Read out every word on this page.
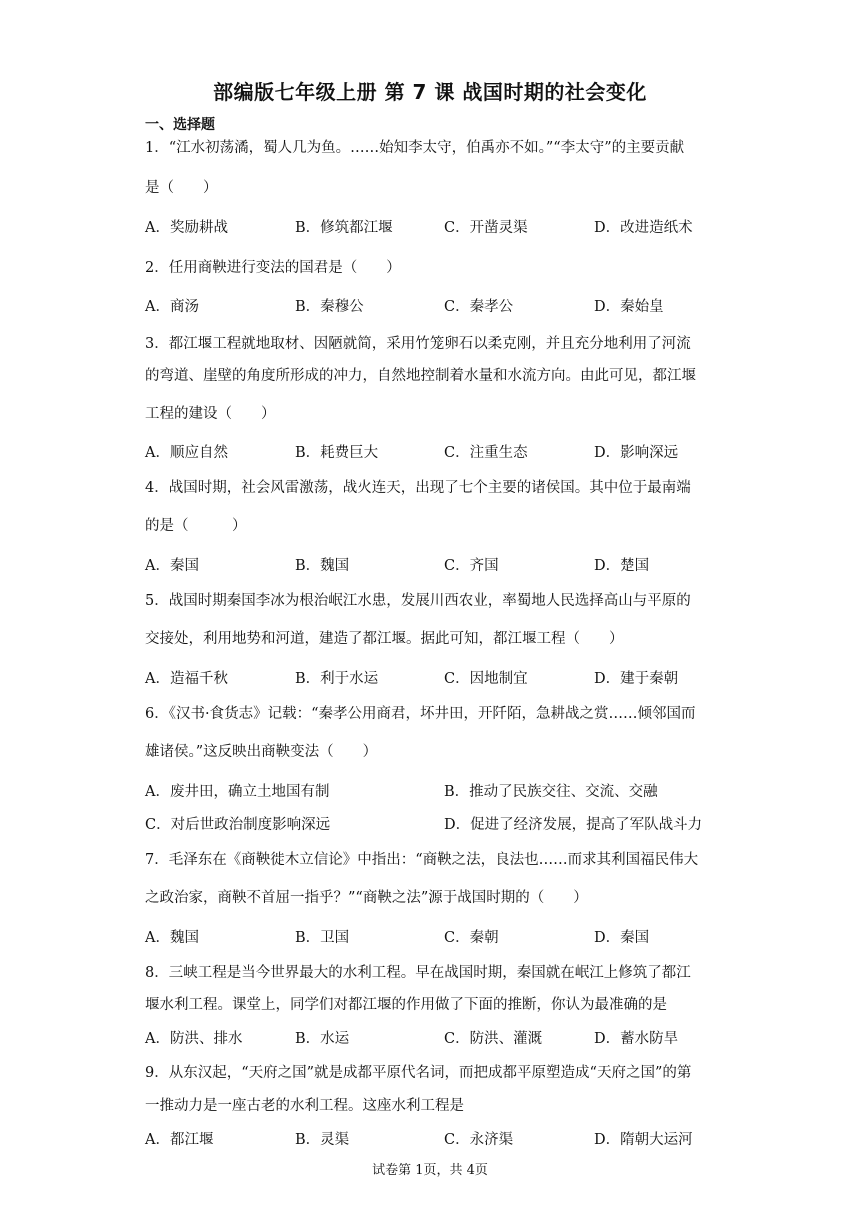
部编版七年级上册 第 7 课 战国时期的社会变化
一、选择题
1．“江水初荡潏，蜀人几为鱼。……始知李太守，伯禹亦不如。”“李太守”的主要贡献
是（　　）
A．奖励耕战	B．修筑都江堰	C．开凿灵渠	D．改进造纸术
2．任用商鞅进行变法的国君是（　　）
A．商汤	B．秦穆公	C．秦孝公	D．秦始皇
3．都江堰工程就地取材、因陋就简，采用竹笼卵石以柔克刚，并且充分地利用了河流
的弯道、崖壁的角度所形成的冲力，自然地控制着水量和水流方向。由此可见，都江堰
工程的建设（　　）
A．顺应自然	B．耗费巨大	C．注重生态	D．影响深远
4．战国时期，社会风雷激荡，战火连天，出现了七个主要的诸侯国。其中位于最南端
的是（　　　）
A．秦国	B．魏国	C．齐国	D．楚国
5．战国时期秦国李冰为根治岷江水患，发展川西农业，率蜀地人民选择高山与平原的
交接处，利用地势和河道，建造了都江堰。据此可知，都江堰工程（　　）
A．造福千秋	B．利于水运	C．因地制宜	D．建于秦朝
6．《汉书·食货志》记载：“秦孝公用商君，坏井田，开阡陌，急耕战之赏……倾邻国而
雄诸侯。”这反映出商鞅变法（　　）
A．废井田，确立土地国有制	B．推动了民族交往、交流、交融
C．对后世政治制度影响深远	D．促进了经济发展，提高了军队战斗力
7．毛泽东在《商鞅徙木立信论》中指出：“商鞅之法，良法也……而求其利国福民伟大
之政治家，商鞅不首屈一指乎？”“商鞅之法”源于战国时期的（　　）
A．魏国	B．卫国	C．秦朝	D．秦国
8．三峡工程是当今世界最大的水利工程。早在战国时期，秦国就在岷江上修筑了都江
堰水利工程。课堂上，同学们对都江堰的作用做了下面的推断，你认为最准确的是
A．防洪、排水	B．水运	C．防洪、灌溉	D．蓄水防旱
9．从东汉起，“天府之国”就是成都平原代名词，而把成都平原塑造成“天府之国”的第
一推动力是一座古老的水利工程。这座水利工程是
A．都江堰	B．灵渠	C．永济渠	D．隋朝大运河
试卷第 1页，共 4页
